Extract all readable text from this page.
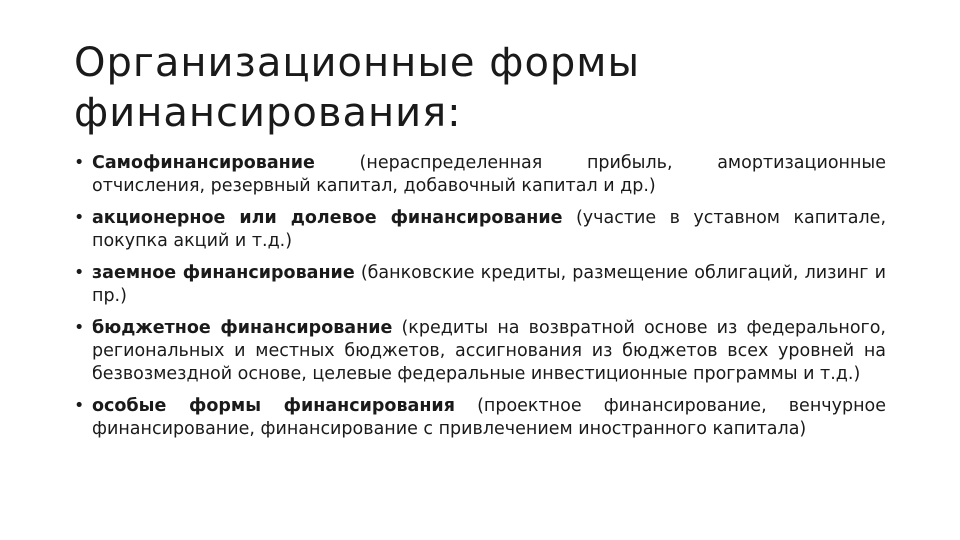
Организационные формы финансирования:
• Самофинансирование	(нераспределенная прибыль, амортизационные отчисления, резервный капитал, добавочный капитал и др.)
• акционерное или долевое финансирование (участие в уставном капитале, покупка акций и т.д.)
• заемное финансирование (банковские кредиты, размещение облигаций, лизинг и пр.)
• бюджетное финансирование (кредиты на возвратной основе из федерального, региональных и местных бюджетов, ассигнования из бюджетов всех уровней на безвозмездной основе, целевые федеральные инвестиционные программы и т.д.)
• особые формы финансирования (проектное финансирование, венчурное финансирование, финансирование с привлечением иностранного капитала)
